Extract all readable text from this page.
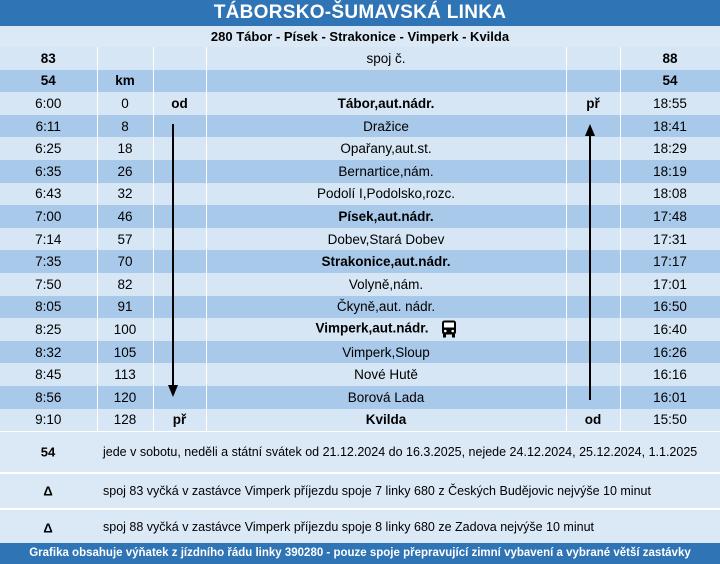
TÁBORSKO-ŠUMAVSKÁ LINKA
280 Tábor - Písek - Strakonice - Vimperk - Kvilda
83			spoj č.		88
54	km				54
6:00	0	od	Tábor,aut.nádr.	př	18:55
6:11	8		Dražice		18:41
6:25	18		Opařany,aut.st.		18:29
6:35	26		Bernartice,nám.		18:19
6:43	32		Podolí I,Podolsko,rozc.		18:08
7:00	46		Písek,aut.nádr.		17:48
7:14	57		Dobev,Stará Dobev		17:31
7:35	70		Strakonice,aut.nádr.		17:17
7:50	82		Volyně,nám.		17:01
8:05	91		Čkyně,aut. nádr.		16:50
8:25	100		Vimperk,aut.nádr.		16:40
8:32	105		Vimperk,Sloup		16:26
8:45	113		Nové Hutě		16:16
8:56	120		Borová Lada		16:01
9:10	128	př	Kvilda	od	15:50
54	jede v sobotu, neděli a státní svátek od 21.12.2024 do 16.3.2025, nejede 24.12.2024, 25.12.2024, 1.1.2025
Δ	spoj 83 vyčká v zastávce Vimperk příjezdu spoje 7 linky 680 z Českých Budějovic nejvýše 10 minut
Δ	spoj 88 vyčká v zastávce Vimperk příjezdu spoje 8 linky 680 ze Zadova nejvýše 10 minut
Grafika obsahuje výňatek z jízdního řádu linky 390280 - pouze spoje přepravující zimní vybavení a vybrané větší zastávky
